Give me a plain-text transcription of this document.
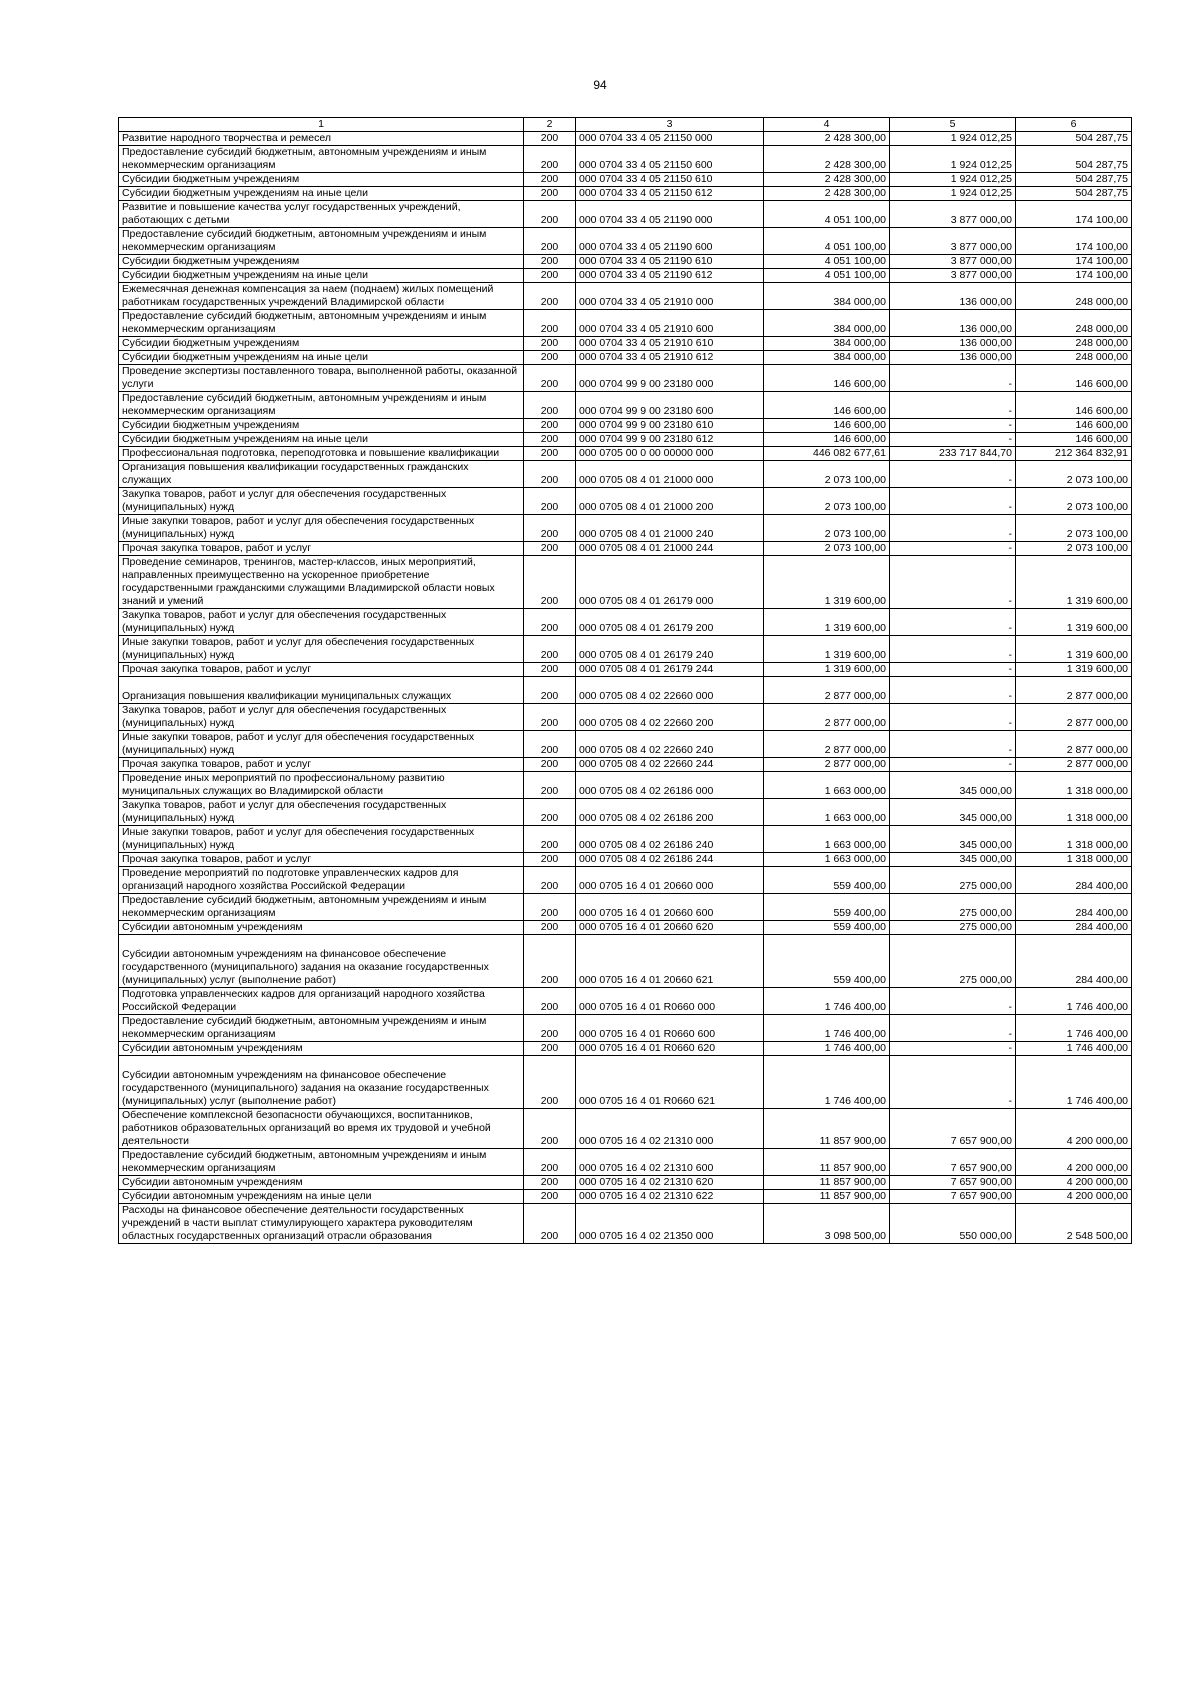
94
1	2	3	4	5	6
Развитие народного творчества и ремесел	200	000 0704 33 4 05 21150 000	2 428 300,00	1 924 012,25	504 287,75
Предоставление субсидий бюджетным, автономным учреждениям и иным некоммерческим организациям	200	000 0704 33 4 05 21150 600	2 428 300,00	1 924 012,25	504 287,75
Субсидии бюджетным учреждениям	200	000 0704 33 4 05 21150 610	2 428 300,00	1 924 012,25	504 287,75
Субсидии бюджетным учреждениям на иные цели	200	000 0704 33 4 05 21150 612	2 428 300,00	1 924 012,25	504 287,75
Развитие и повышение качества услуг государственных учреждений, работающих с детьми	200	000 0704 33 4 05 21190 000	4 051 100,00	3 877 000,00	174 100,00
Предоставление субсидий бюджетным, автономным учреждениям и иным некоммерческим организациям	200	000 0704 33 4 05 21190 600	4 051 100,00	3 877 000,00	174 100,00
Субсидии бюджетным учреждениям	200	000 0704 33 4 05 21190 610	4 051 100,00	3 877 000,00	174 100,00
Субсидии бюджетным учреждениям на иные цели	200	000 0704 33 4 05 21190 612	4 051 100,00	3 877 000,00	174 100,00
Ежемесячная денежная компенсация за наем (поднаем) жилых помещений работникам государственных учреждений Владимирской области	200	000 0704 33 4 05 21910 000	384 000,00	136 000,00	248 000,00
Предоставление субсидий бюджетным, автономным учреждениям и иным некоммерческим организациям	200	000 0704 33 4 05 21910 600	384 000,00	136 000,00	248 000,00
Субсидии бюджетным учреждениям	200	000 0704 33 4 05 21910 610	384 000,00	136 000,00	248 000,00
Субсидии бюджетным учреждениям на иные цели	200	000 0704 33 4 05 21910 612	384 000,00	136 000,00	248 000,00
Проведение экспертизы поставленного товара, выполненной работы, оказанной услуги	200	000 0704 99 9 00 23180 000	146 600,00	-	146 600,00
Предоставление субсидий бюджетным, автономным учреждениям и иным некоммерческим организациям	200	000 0704 99 9 00 23180 600	146 600,00	-	146 600,00
Субсидии бюджетным учреждениям	200	000 0704 99 9 00 23180 610	146 600,00	-	146 600,00
Субсидии бюджетным учреждениям на иные цели	200	000 0704 99 9 00 23180 612	146 600,00	-	146 600,00
Профессиональная подготовка, переподготовка и повышение квалификации	200	000 0705 00 0 00 00000 000	446 082 677,61	233 717 844,70	212 364 832,91
Организация повышения квалификации государственных гражданских служащих	200	000 0705 08 4 01 21000 000	2 073 100,00	-	2 073 100,00
Закупка товаров, работ и услуг для обеспечения государственных (муниципальных) нужд	200	000 0705 08 4 01 21000 200	2 073 100,00	-	2 073 100,00
Иные закупки товаров, работ и услуг для обеспечения государственных (муниципальных) нужд	200	000 0705 08 4 01 21000 240	2 073 100,00	-	2 073 100,00
Прочая закупка товаров, работ и услуг	200	000 0705 08 4 01 21000 244	2 073 100,00	-	2 073 100,00
Проведение семинаров, тренингов, мастер-классов, иных мероприятий, направленных преимущественно на ускоренное приобретение государственными гражданскими служащими Владимирской области новых знаний и умений	200	000 0705 08 4 01 26179 000	1 319 600,00	-	1 319 600,00
Закупка товаров, работ и услуг для обеспечения государственных (муниципальных) нужд	200	000 0705 08 4 01 26179 200	1 319 600,00	-	1 319 600,00
Иные закупки товаров, работ и услуг для обеспечения государственных (муниципальных) нужд	200	000 0705 08 4 01 26179 240	1 319 600,00	-	1 319 600,00
Прочая закупка товаров, работ и услуг	200	000 0705 08 4 01 26179 244	1 319 600,00	-	1 319 600,00
Организация повышения квалификации муниципальных служащих	200	000 0705 08 4 02 22660 000	2 877 000,00	-	2 877 000,00
Закупка товаров, работ и услуг для обеспечения государственных (муниципальных) нужд	200	000 0705 08 4 02 22660 200	2 877 000,00	-	2 877 000,00
Иные закупки товаров, работ и услуг для обеспечения государственных (муниципальных) нужд	200	000 0705 08 4 02 22660 240	2 877 000,00	-	2 877 000,00
Прочая закупка товаров, работ и услуг	200	000 0705 08 4 02 22660 244	2 877 000,00	-	2 877 000,00
Проведение иных мероприятий по профессиональному развитию муниципальных служащих во Владимирской области	200	000 0705 08 4 02 26186 000	1 663 000,00	345 000,00	1 318 000,00
Закупка товаров, работ и услуг для обеспечения государственных (муниципальных) нужд	200	000 0705 08 4 02 26186 200	1 663 000,00	345 000,00	1 318 000,00
Иные закупки товаров, работ и услуг для обеспечения государственных (муниципальных) нужд	200	000 0705 08 4 02 26186 240	1 663 000,00	345 000,00	1 318 000,00
Прочая закупка товаров, работ и услуг	200	000 0705 08 4 02 26186 244	1 663 000,00	345 000,00	1 318 000,00
Проведение мероприятий по подготовке управленческих кадров для организаций народного хозяйства Российской Федерации	200	000 0705 16 4 01 20660 000	559 400,00	275 000,00	284 400,00
Предоставление субсидий бюджетным, автономным учреждениям и иным некоммерческим организациям	200	000 0705 16 4 01 20660 600	559 400,00	275 000,00	284 400,00
Субсидии автономным учреждениям	200	000 0705 16 4 01 20660 620	559 400,00	275 000,00	284 400,00
Субсидии автономным учреждениям на финансовое обеспечение государственного (муниципального) задания на оказание государственных (муниципальных) услуг (выполнение работ)	200	000 0705 16 4 01 20660 621	559 400,00	275 000,00	284 400,00
Подготовка управленческих кадров для организаций народного хозяйства Российской Федерации	200	000 0705 16 4 01 R0660 000	1 746 400,00	-	1 746 400,00
Предоставление субсидий бюджетным, автономным учреждениям и иным некоммерческим организациям	200	000 0705 16 4 01 R0660 600	1 746 400,00	-	1 746 400,00
Субсидии автономным учреждениям	200	000 0705 16 4 01 R0660 620	1 746 400,00	-	1 746 400,00
Субсидии автономным учреждениям на финансовое обеспечение государственного (муниципального) задания на оказание государственных (муниципальных) услуг (выполнение работ)	200	000 0705 16 4 01 R0660 621	1 746 400,00	-	1 746 400,00
Обеспечение комплексной безопасности обучающихся, воспитанников, работников образовательных организаций во время их трудовой и учебной деятельности	200	000 0705 16 4 02 21310 000	11 857 900,00	7 657 900,00	4 200 000,00
Предоставление субсидий бюджетным, автономным учреждениям и иным некоммерческим организациям	200	000 0705 16 4 02 21310 600	11 857 900,00	7 657 900,00	4 200 000,00
Субсидии автономным учреждениям	200	000 0705 16 4 02 21310 620	11 857 900,00	7 657 900,00	4 200 000,00
Субсидии автономным учреждениям на иные цели	200	000 0705 16 4 02 21310 622	11 857 900,00	7 657 900,00	4 200 000,00
Расходы на финансовое обеспечение деятельности государственных учреждений в части выплат стимулирующего характера руководителям областных государственных организаций отрасли образования	200	000 0705 16 4 02 21350 000	3 098 500,00	550 000,00	2 548 500,00
